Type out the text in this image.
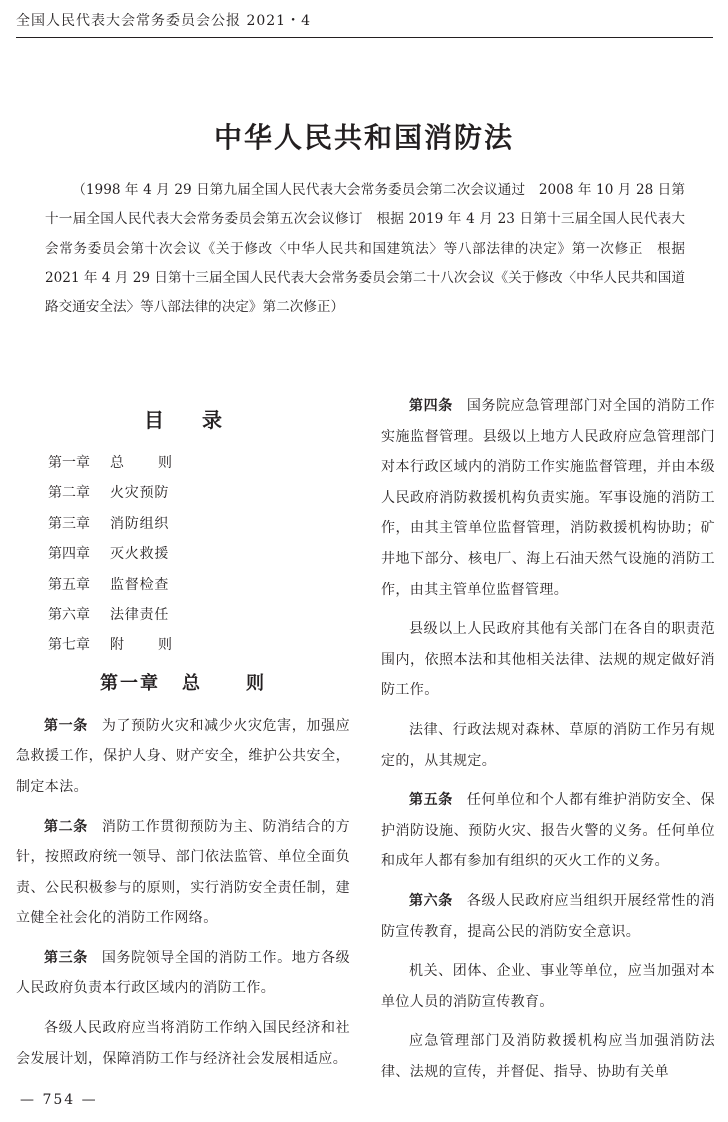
全国人民代表大会常务委员会公报 2021・4
中华人民共和国消防法
（1998 年 4 月 29 日第九届全国人民代表大会常务委员会第二次会议通过　2008 年 10 月 28 日第十一届全国人民代表大会常务委员会第五次会议修订　根据 2019 年 4 月 23 日第十三届全国人民代表大会常务委员会第十次会议《关于修改〈中华人民共和国建筑法〉等八部法律的决定》第一次修正　根据 2021 年 4 月 29 日第十三届全国人民代表大会常务委员会第二十八次会议《关于修改〈中华人民共和国道路交通安全法〉等八部法律的决定》第二次修正）
目录
第一章 总则
第二章 火灾预防
第三章 消防组织
第四章 灭火救援
第五章 监督检查
第六章 法律责任
第七章 附则
第一章 总 则

第一条 为了预防火灾和减少火灾危害，加强应急救援工作，保护人身、财产安全，维护公共安全，制定本法。

第二条 消防工作贯彻预防为主、防消结合的方针，按照政府统一领导、部门依法监管、单位全面负责、公民积极参与的原则，实行消防安全责任制，建立健全社会化的消防工作网络。

第三条 国务院领导全国的消防工作。地方各级人民政府负责本行政区域内的消防工作。

各级人民政府应当将消防工作纳入国民经济和社会发展计划，保障消防工作与经济社会发展相适应。

第四条 国务院应急管理部门对全国的消防工作实施监督管理。县级以上地方人民政府应急管理部门对本行政区域内的消防工作实施监督管理，并由本级人民政府消防救援机构负责实施。军事设施的消防工作，由其主管单位监督管理，消防救援机构协助；矿井地下部分、核电厂、海上石油天然气设施的消防工作，由其主管单位监督管理。

县级以上人民政府其他有关部门在各自的职责范围内，依照本法和其他相关法律、法规的规定做好消防工作。

法律、行政法规对森林、草原的消防工作另有规定的，从其规定。

第五条 任何单位和个人都有维护消防安全、保护消防设施、预防火灾、报告火警的义务。任何单位和成年人都有参加有组织的灭火工作的义务。

第六条 各级人民政府应当组织开展经常性的消防宣传教育，提高公民的消防安全意识。

机关、团体、企业、事业等单位，应当加强对本单位人员的消防宣传教育。

应急管理部门及消防救援机构应当加强消防法律、法规的宣传，并督促、指导、协助有关单

— 754 —
